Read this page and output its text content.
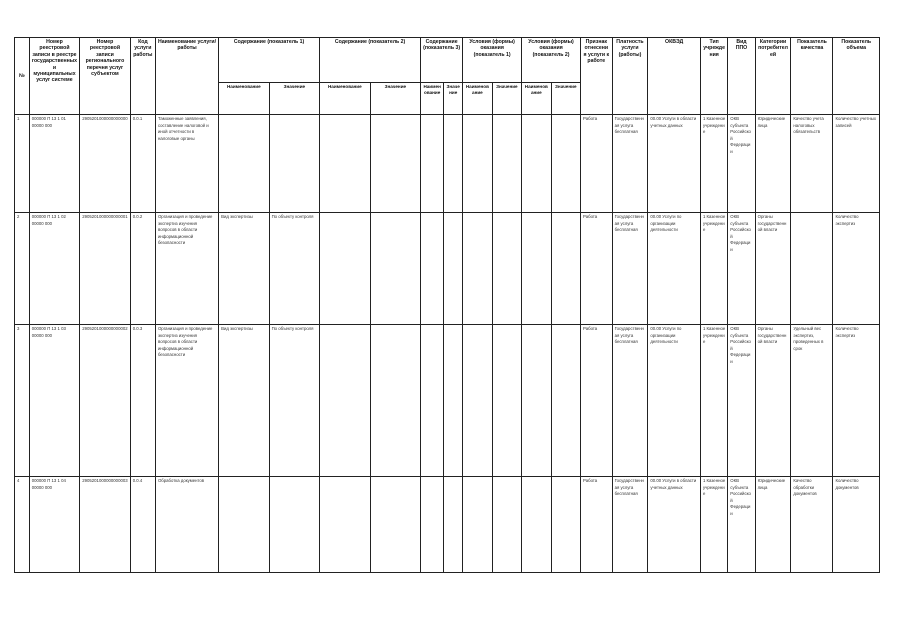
№	Номер реестровой записи в реестре государственных и муниципальных услуг системе	Номер реестровой записи регионального перечня услуг субъектом	Код услуги работы	Наименование услуги/работы	Содержание (показатель 1)		Содержание (показатель 2)		Содержание (показатель 3)		Условия (формы) оказания (показатель 1)		Условия (формы) оказания (показатель 2)		Признак отнесения услуги к работе	Платность услуги (работы)	ОКВЭД	Тип учреждения	Вид ППО	Категории потребителей	Показатель качества	Показатель объема
					Наименование	Значение	Наименование	Значение	Наименование	Значение	Наименование	Значение	Наименование	Значение								
1	000000 П 13 1 01 00000 000	2905201000000000000	0.0.1	Таможенные заявления, составление налоговой и иной отчетности в налоговые органы											Работа	Государственная услуга бесплатная	00.00 Услуги в области учетных данных	1 Казенное учреждение	ОКВ субъекта Российской Федерации	Юридические лица	Качество учета налоговых обязательств	Количество учетных записей
2	000000 П 13 1 02 00000 000	2905201000000000001	0.0.2	Организация и проведение экспертиз изучения вопросов в области информационной безопасности	Вид экспертизы	По объекту контроля									Работа	Государственная услуга бесплатная	00.00 Услуги по организации деятельности	1 Казенное учреждение	ОКВ субъекта Российской Федерации	Органы государственной власти		Количество экспертиз
3	000000 П 13 1 03 00000 000	2905201000000000002	0.0.3	Организация и проведение экспертиз изучения вопросов в области информационной безопасности	Вид экспертизы	По объекту контроля									Работа	Государственная услуга бесплатная	00.00 Услуги по организации деятельности	1 Казенное учреждение	ОКВ субъекта Российской Федерации	Органы государственной власти	Удельный вес экспертиз, проведенных в срок	Количество экспертиз
4	000000 П 13 1 04 00000 000	2905201000000000003	0.0.4	Обработка документов											Работа	Государственная услуга бесплатная	00.00 Услуги в области учетных данных	1 Казенное учреждение	ОКВ субъекта Российской Федерации	Юридические лица	Качество обработки документов	Количество документов
